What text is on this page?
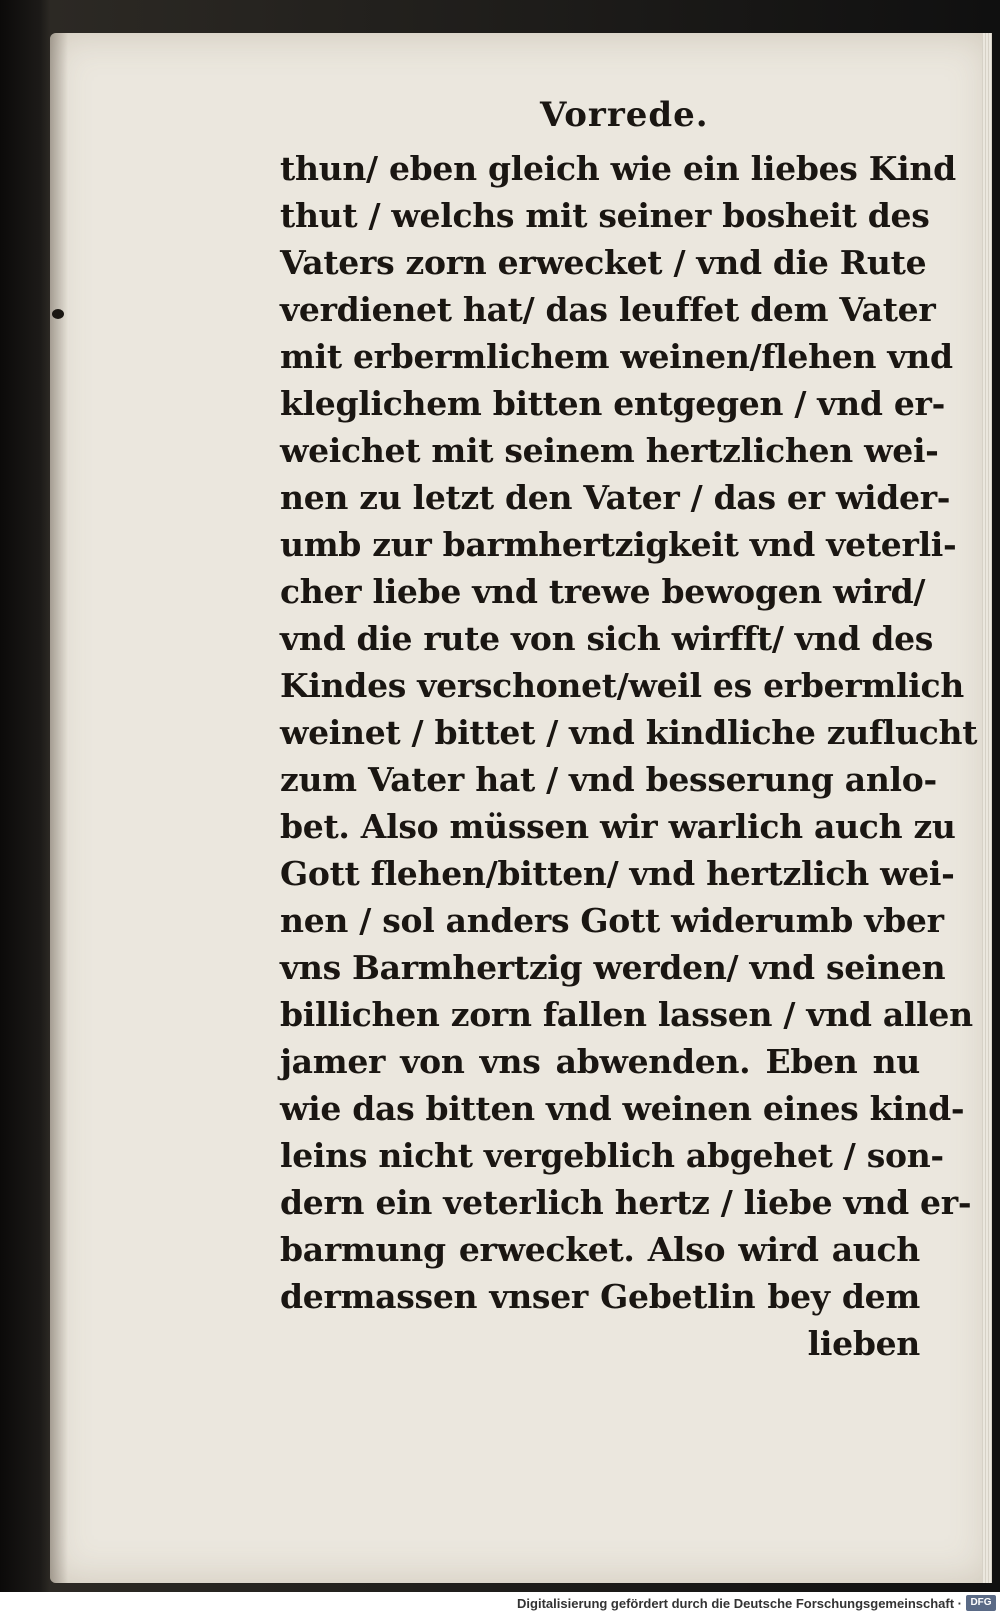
Vorrede.
thun/ eben gleich wie ein liebes Kind
thut / welchs mit seiner bosheit des
Vaters zorn erwecket / vnd die Rute
verdienet hat/ das leuffet dem Vater
mit erbermlichem weinen/flehen vnd
kleglichem bitten entgegen / vnd er-
weichet mit seinem hertzlichen wei-
nen zu letzt den Vater / das er wider-
umb zur barmhertzigkeit vnd veterli-
cher liebe vnd trewe bewogen wird/
vnd die rute von sich wirfft/ vnd des
Kindes verschonet/weil es erbermlich
weinet / bittet / vnd kindliche zuflucht
zum Vater hat / vnd besserung anlo-
bet. Also müssen wir warlich auch zu
Gott flehen/bitten/ vnd hertzlich wei-
nen / sol anders Gott widerumb vber
vns Barmhertzig werden/ vnd seinen
billichen zorn fallen lassen / vnd allen
jamer von vns abwenden. Eben nu
wie das bitten vnd weinen eines kind-
leins nicht vergeblich abgehet / son-
dern ein veterlich hertz / liebe vnd er-
barmung erwecket. Also wird auch
dermassen vnser Gebetlin bey dem
lieben
Digitalisierung gefördert durch die Deutsche Forschungsgemeinschaft · DFG
